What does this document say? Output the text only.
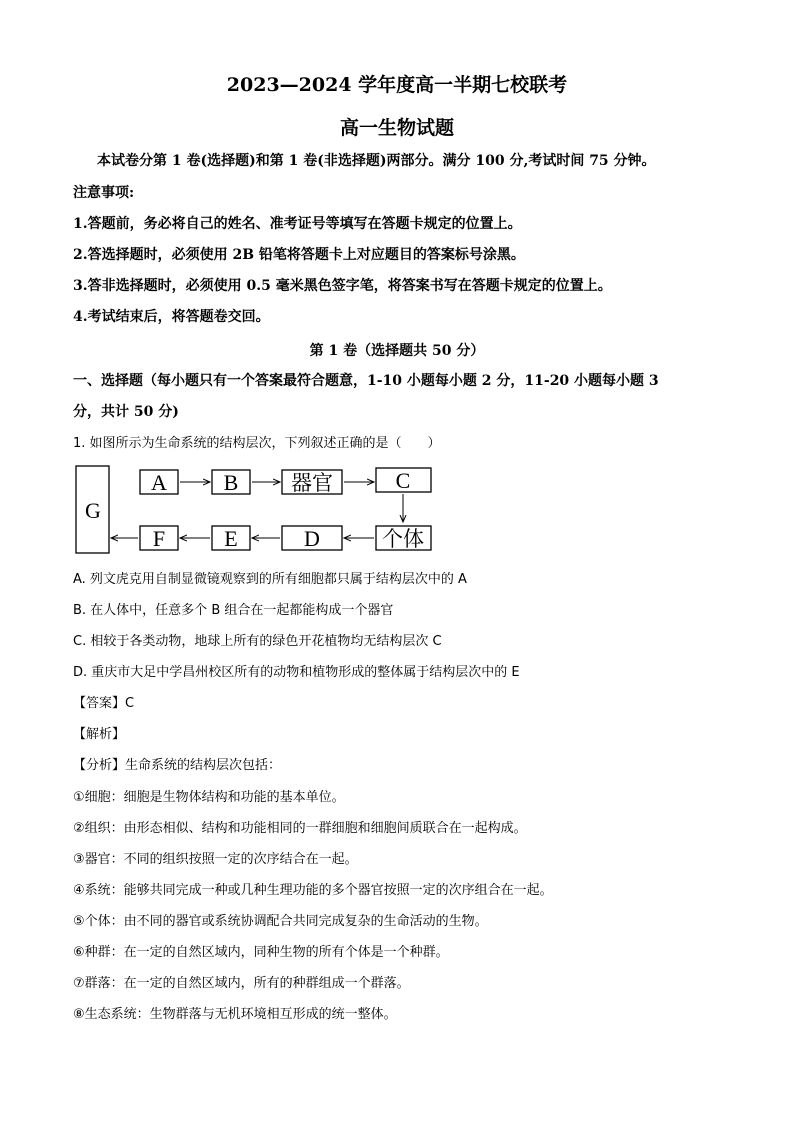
2023—2024 学年度高一半期七校联考
高一生物试题
本试卷分第 1 卷(选择题)和第 1 卷(非选择题)两部分。满分 100 分,考试时间 75 分钟。
注意事项:
1.答题前，务必将自己的姓名、准考证号等填写在答题卡规定的位置上。
2.答选择题时，必须使用 2B 铅笔将答题卡上对应题目的答案标号涂黑。
3.答非选择题时，必须使用 0.5 毫米黑色签字笔，将答案书写在答题卡规定的位置上。
4.考试结束后，将答题卷交回。
第 1 卷（选择题共 50 分）
一、选择题（每小题只有一个答案最符合题意，1-10 小题每小题 2 分，11-20 小题每小题 3
分，共计 50 分)
1. 如图所示为生命系统的结构层次，下列叙述正确的是（　　）
G
A	B	器官	C
F	E	D	个体
A. 列文虎克用自制显微镜观察到的所有细胞都只属于结构层次中的 A
B. 在人体中，任意多个 B 组合在一起都能构成一个器官
C. 相较于各类动物，地球上所有的绿色开花植物均无结构层次 C
D. 重庆市大足中学昌州校区所有的动物和植物形成的整体属于结构层次中的 E
【答案】C
【解析】
【分析】生命系统的结构层次包括：
①细胞：细胞是生物体结构和功能的基本单位。
②组织：由形态相似、结构和功能相同的一群细胞和细胞间质联合在一起构成。
③器官：不同的组织按照一定的次序结合在一起。
④系统：能够共同完成一种或几种生理功能的多个器官按照一定的次序组合在一起。
⑤个体：由不同的器官或系统协调配合共同完成复杂的生命活动的生物。
⑥种群：在一定的自然区域内，同种生物的所有个体是一个种群。
⑦群落：在一定的自然区域内，所有的种群组成一个群落。
⑧生态系统：生物群落与无机环境相互形成的统一整体。
